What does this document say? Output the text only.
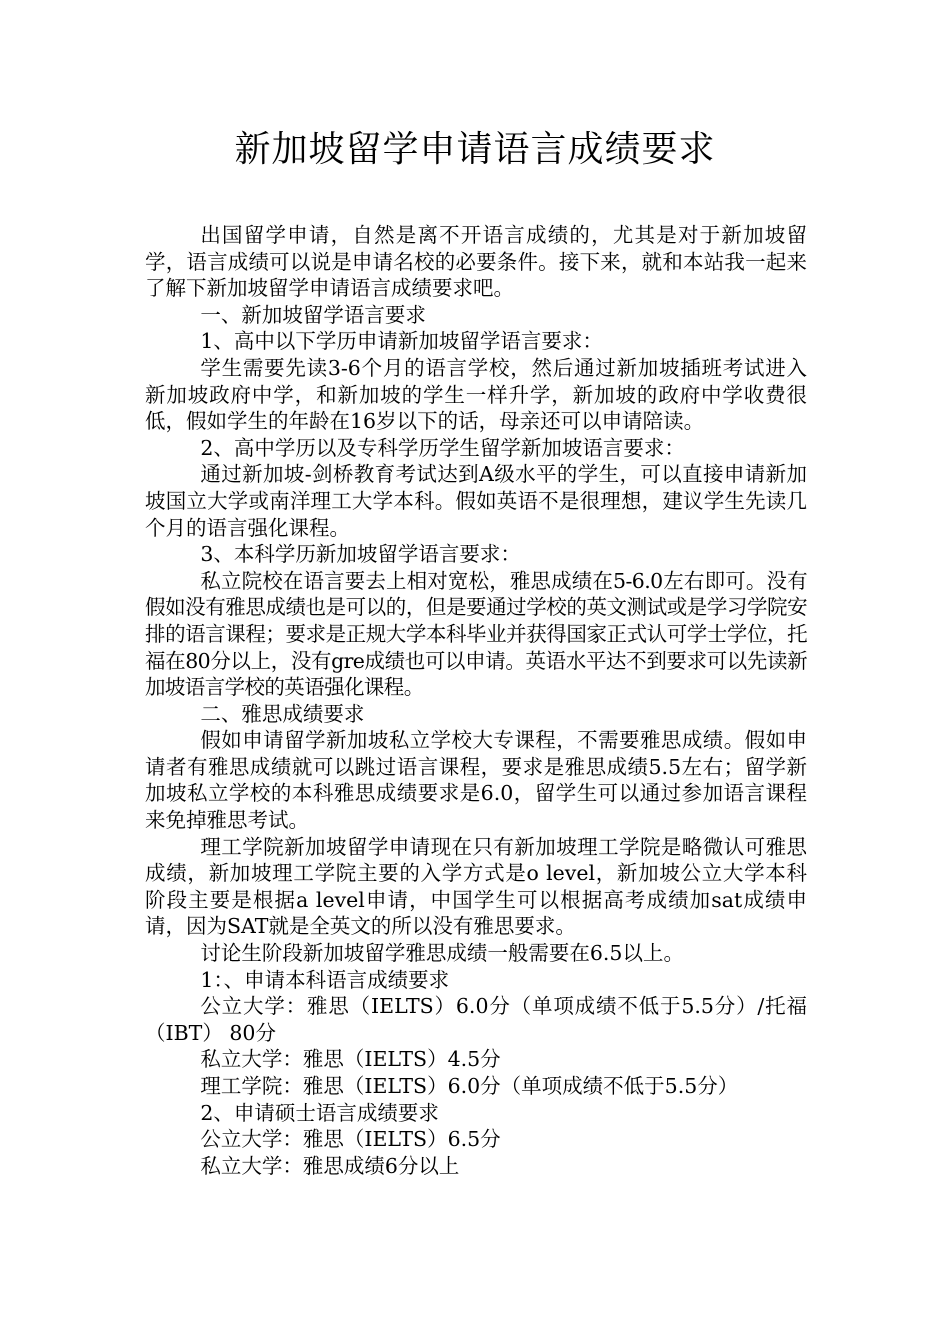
新加坡留学申请语言成绩要求

出国留学申请，自然是离不开语言成绩的，尤其是对于新加坡留学，语言成绩可以说是申请名校的必要条件。接下来，就和本站我一起来了解下新加坡留学申请语言成绩要求吧。

一、新加坡留学语言要求

1、高中以下学历申请新加坡留学语言要求：

学生需要先读3-6个月的语言学校，然后通过新加坡插班考试进入新加坡政府中学，和新加坡的学生一样升学，新加坡的政府中学收费很低，假如学生的年龄在16岁以下的话，母亲还可以申请陪读。

2、高中学历以及专科学历学生留学新加坡语言要求：

通过新加坡-剑桥教育考试达到A级水平的学生，可以直接申请新加坡国立大学或南洋理工大学本科。假如英语不是很理想，建议学生先读几个月的语言强化课程。

3、本科学历新加坡留学语言要求：

私立院校在语言要去上相对宽松，雅思成绩在5-6.0左右即可。没有假如没有雅思成绩也是可以的，但是要通过学校的英文测试或是学习学院安排的语言课程；要求是正规大学本科毕业并获得国家正式认可学士学位，托福在80分以上，没有gre成绩也可以申请。英语水平达不到要求可以先读新加坡语言学校的英语强化课程。

二、雅思成绩要求

假如申请留学新加坡私立学校大专课程，不需要雅思成绩。假如申请者有雅思成绩就可以跳过语言课程，要求是雅思成绩5.5左右；留学新加坡私立学校的本科雅思成绩要求是6.0，留学生可以通过参加语言课程来免掉雅思考试。

理工学院新加坡留学申请现在只有新加坡理工学院是略微认可雅思成绩，新加坡理工学院主要的入学方式是o level，新加坡公立大学本科阶段主要是根据a level申请，中国学生可以根据高考成绩加sat成绩申请，因为SAT就是全英文的所以没有雅思要求。

讨论生阶段新加坡留学雅思成绩一般需要在6.5以上。

1：、申请本科语言成绩要求

公立大学：雅思（IELTS）6.0分（单项成绩不低于5.5分）/托福（IBT） 80分

私立大学：雅思（IELTS）4.5分

理工学院：雅思（IELTS）6.0分（单项成绩不低于5.5分）

2、申请硕士语言成绩要求

公立大学：雅思（IELTS）6.5分

私立大学：雅思成绩6分以上
